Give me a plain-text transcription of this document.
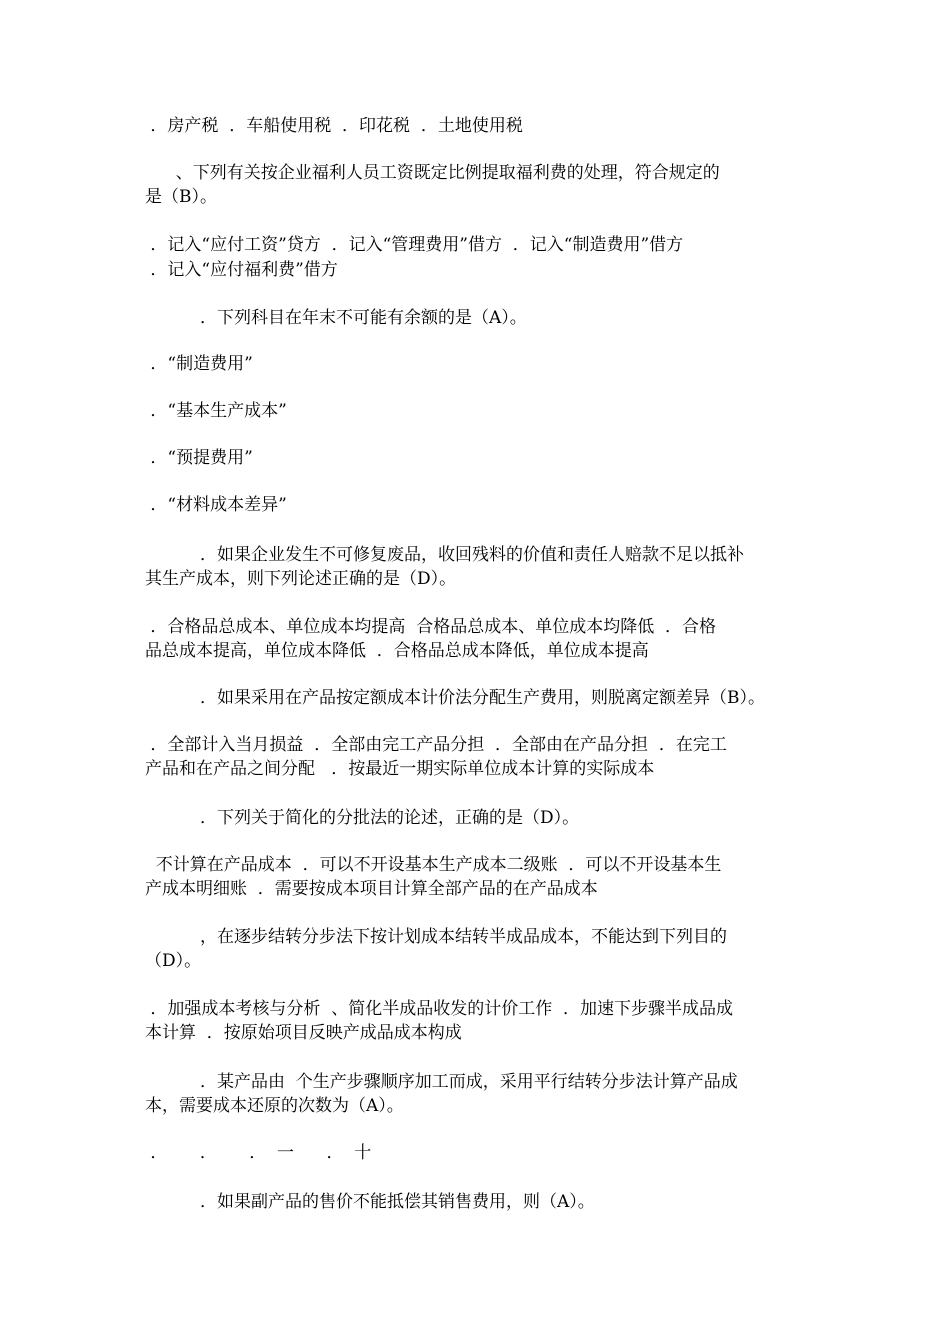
．房产税  ．车船使用税  ．印花税  ．土地使用税
、下列有关按企业福利人员工资既定比例提取福利费的处理，符合规定的
是（B）。
．记入“应付工资”贷方  ．记入“管理费用”借方  ．记入“制造费用”借方
．记入“应付福利费”借方
．下列科目在年末不可能有余额的是（A）。
．“制造费用”
．“基本生产成本”
．“预提费用”
．“材料成本差异”
．如果企业发生不可修复废品，收回残料的价值和责任人赔款不足以抵补
其生产成本，则下列论述正确的是（D）。
．合格品总成本、单位成本均提高  合格品总成本、单位成本均降低  ．合格
品总成本提高，单位成本降低  ．合格品总成本降低，单位成本提高
．如果采用在产品按定额成本计价法分配生产费用，则脱离定额差异（B）。
．全部计入当月损益  ．全部由完工产品分担  ．全部由在产品分担  ．在完工
产品和在产品之间分配   ．按最近一期实际单位成本计算的实际成本
．下列关于简化的分批法的论述，正确的是（D）。
不计算在产品成本  ．可以不开设基本生产成本二级账  ．可以不开设基本生
产成本明细账  ．需要按成本项目计算全部产品的在产品成本
，在逐步结转分步法下按计划成本结转半成品成本，不能达到下列目的
（D）。
．加强成本考核与分析  、简化半成品收发的计价工作  ．加速下步骤半成品成
本计算  ．按原始项目反映产成品成本构成
．某产品由  个生产步骤顺序加工而成，采用平行结转分步法计算产品成
本，需要成本还原的次数为（A）。
．      ．      ．  一      ．  十
．如果副产品的售价不能抵偿其销售费用，则（A）。
